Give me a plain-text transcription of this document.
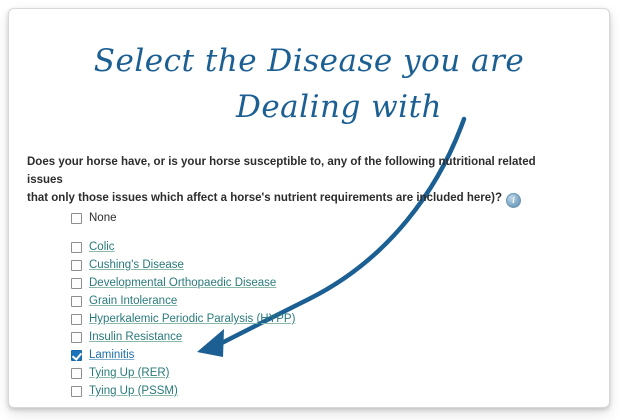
Select the Disease you are
Dealing with
Does your horse have, or is your horse susceptible to, any of the following nutritional related issues
that only those issues which affect a horse's nutrient requirements are included here)? i
None
Colic
Cushing's Disease
Developmental Orthopaedic Disease
Grain Intolerance
Hyperkalemic Periodic Paralysis (HYPP)
Insulin Resistance
Laminitis
Tying Up (RER)
Tying Up (PSSM)
